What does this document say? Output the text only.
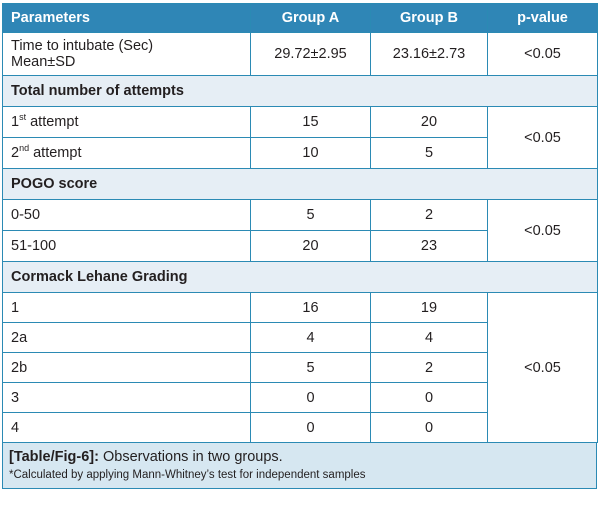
Parameters	Group A	Group B	p-value

Time to intubate (Sec)
Mean±SD	29.72±2.95	23.16±2.73	<0.05
Total number of attempts			
1st attempt	15	20	<0.05
2nd attempt	10	5	
POGO score			
0-50	5	2	<0.05
51-100	20	23	
Cormack Lehane Grading			
1	16	19	<0.05
2a	4	4	
2b	5	2	
3	0	0	
4	0	0	
[Table/Fig-6]: Observations in two groups.
*Calculated by applying Mann-Whitney’s test for independent samples
